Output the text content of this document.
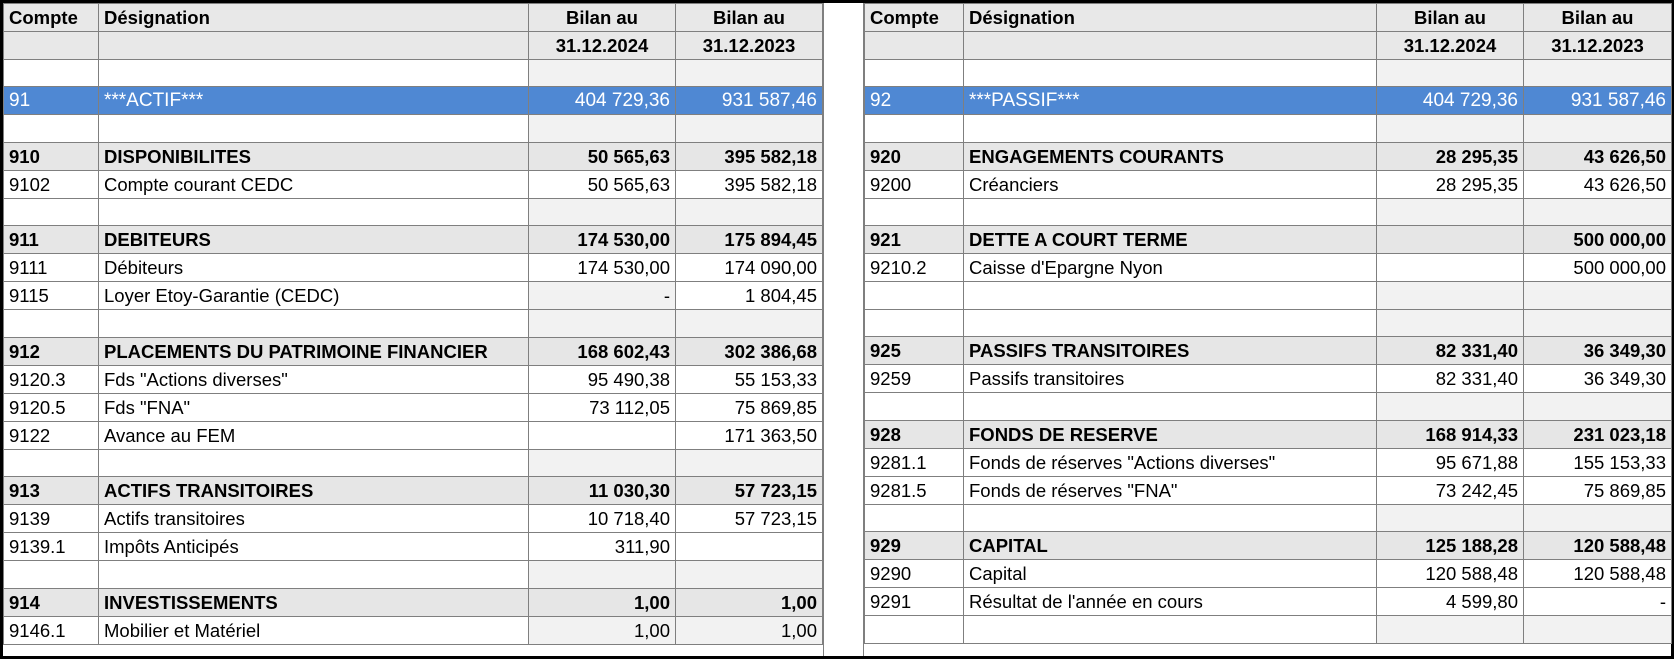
Compte	Désignation	Bilan au	Bilan au
		31.12.2024	31.12.2023

91	***ACTIF***	404 729,36	931 587,46

910	DISPONIBILITES	50 565,63	395 582,18
9102	Compte courant CEDC	50 565,63	395 582,18

911	DEBITEURS	174 530,00	175 894,45
9111	Débiteurs	174 530,00	174 090,00
9115	Loyer Etoy-Garantie (CEDC)	-	1 804,45

912	PLACEMENTS DU PATRIMOINE FINANCIER	168 602,43	302 386,68
9120.3	Fds "Actions diverses"	95 490,38	55 153,33
9120.5	Fds "FNA"	73 112,05	75 869,85
9122	Avance au FEM		171 363,50

913	ACTIFS TRANSITOIRES	11 030,30	57 723,15
9139	Actifs transitoires	10 718,40	57 723,15
9139.1	Impôts Anticipés	311,90	

914	INVESTISSEMENTS	1,00	1,00
9146.1	Mobilier et Matériel	1,00	1,00
Compte	Désignation	Bilan au	Bilan au
		31.12.2024	31.12.2023

92	***PASSIF***	404 729,36	931 587,46

920	ENGAGEMENTS COURANTS	28 295,35	43 626,50
9200	Créanciers	28 295,35	43 626,50

921	DETTE A COURT TERME		500 000,00
9210.2	Caisse d'Epargne Nyon		500 000,00

925	PASSIFS TRANSITOIRES	82 331,40	36 349,30
9259	Passifs transitoires	82 331,40	36 349,30

928	FONDS DE RESERVE	168 914,33	231 023,18
9281.1	Fonds de réserves "Actions diverses"	95 671,88	155 153,33
9281.5	Fonds de réserves "FNA"	73 242,45	75 869,85

929	CAPITAL	125 188,28	120 588,48
9290	Capital	120 588,48	120 588,48
9291	Résultat de l'année en cours	4 599,80	-
